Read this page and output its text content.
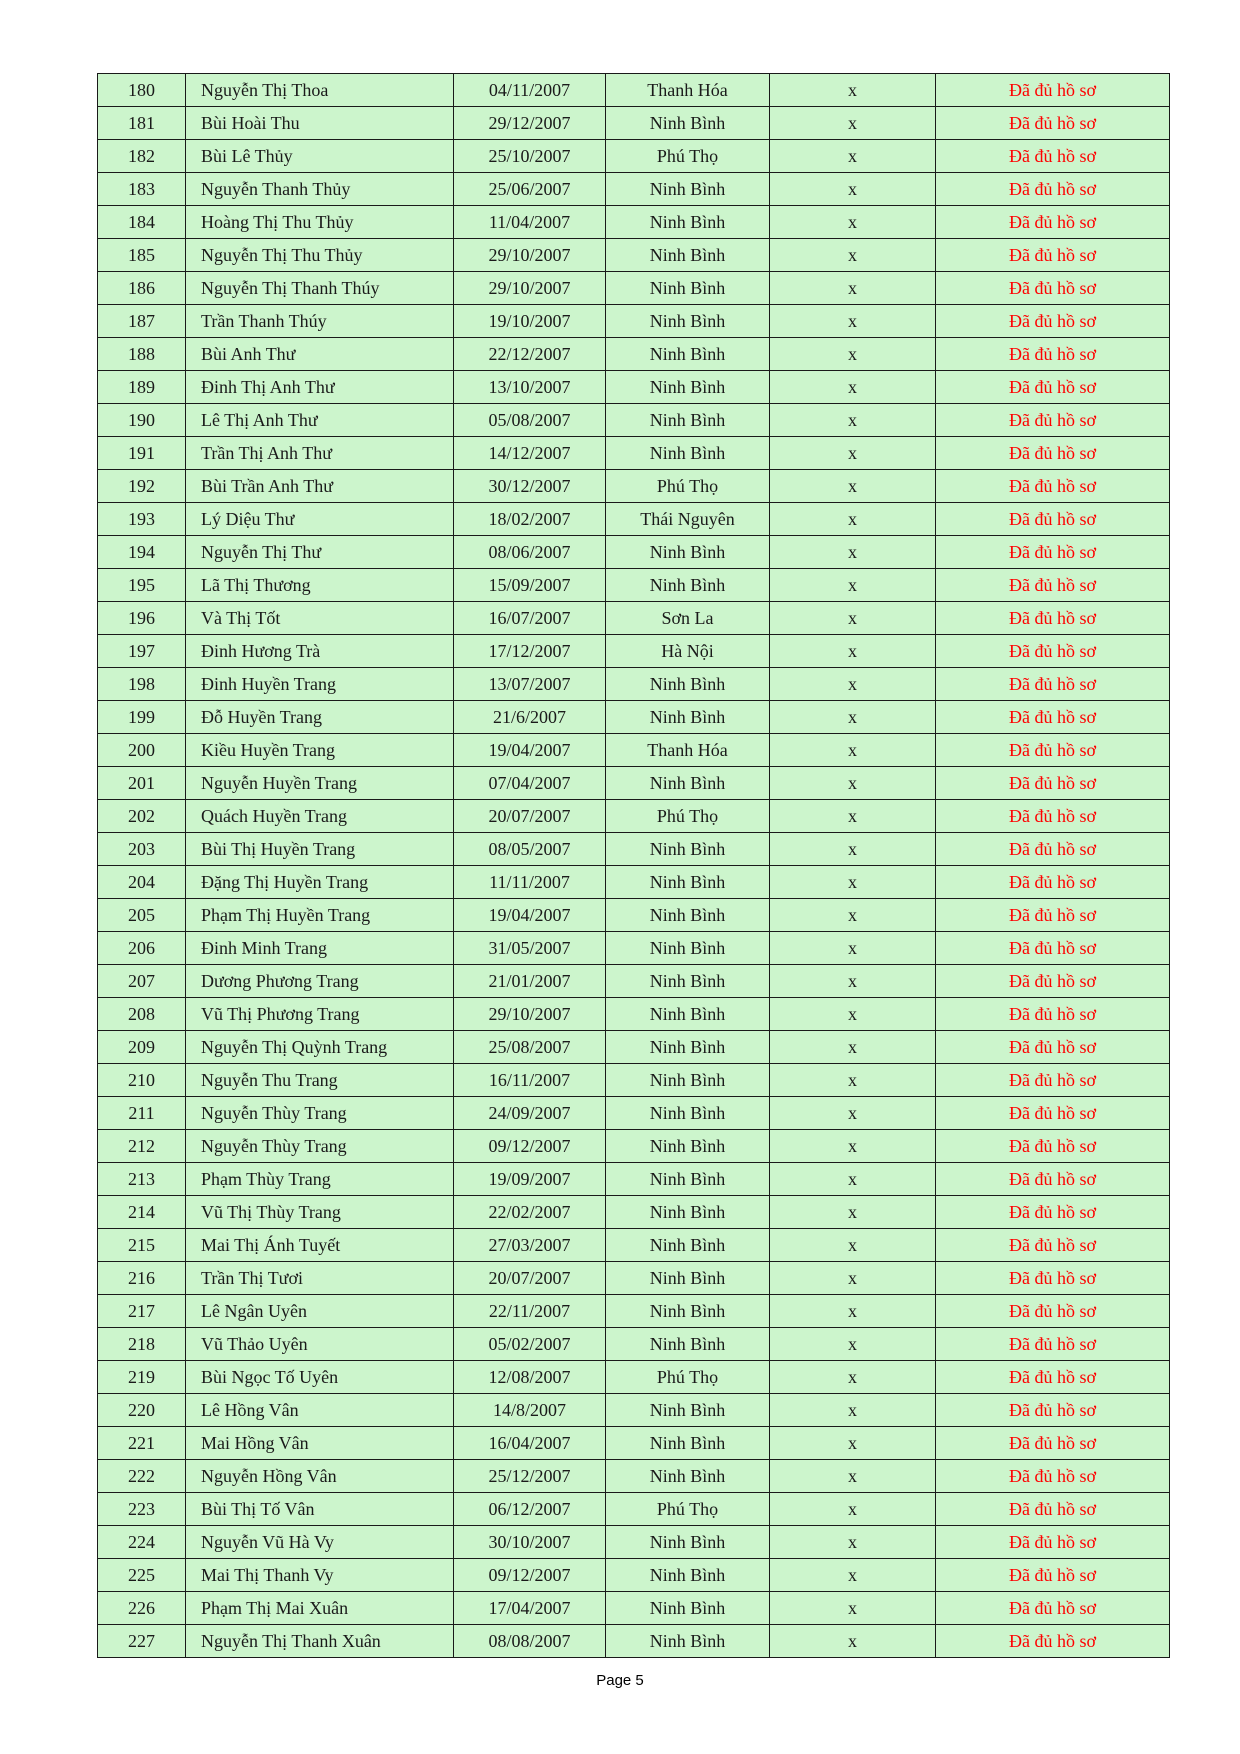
180	Nguyễn Thị Thoa	04/11/2007	Thanh Hóa	x	Đã đủ hồ sơ
181	Bùi Hoài Thu	29/12/2007	Ninh Bình	x	Đã đủ hồ sơ
182	Bùi Lê Thủy	25/10/2007	Phú Thọ	x	Đã đủ hồ sơ
183	Nguyễn Thanh Thủy	25/06/2007	Ninh Bình	x	Đã đủ hồ sơ
184	Hoàng Thị Thu Thủy	11/04/2007	Ninh Bình	x	Đã đủ hồ sơ
185	Nguyễn Thị Thu Thủy	29/10/2007	Ninh Bình	x	Đã đủ hồ sơ
186	Nguyễn Thị Thanh Thúy	29/10/2007	Ninh Bình	x	Đã đủ hồ sơ
187	Trần Thanh Thúy	19/10/2007	Ninh Bình	x	Đã đủ hồ sơ
188	Bùi Anh Thư	22/12/2007	Ninh Bình	x	Đã đủ hồ sơ
189	Đinh Thị Anh Thư	13/10/2007	Ninh Bình	x	Đã đủ hồ sơ
190	Lê Thị Anh Thư	05/08/2007	Ninh Bình	x	Đã đủ hồ sơ
191	Trần Thị Anh Thư	14/12/2007	Ninh Bình	x	Đã đủ hồ sơ
192	Bùi Trần Anh Thư	30/12/2007	Phú Thọ	x	Đã đủ hồ sơ
193	Lý Diệu Thư	18/02/2007	Thái Nguyên	x	Đã đủ hồ sơ
194	Nguyễn Thị Thư	08/06/2007	Ninh Bình	x	Đã đủ hồ sơ
195	Lã Thị Thương	15/09/2007	Ninh Bình	x	Đã đủ hồ sơ
196	Và Thị Tốt	16/07/2007	Sơn La	x	Đã đủ hồ sơ
197	Đinh Hương Trà	17/12/2007	Hà Nội	x	Đã đủ hồ sơ
198	Đinh Huyền Trang	13/07/2007	Ninh Bình	x	Đã đủ hồ sơ
199	Đỗ Huyền Trang	21/6/2007	Ninh Bình	x	Đã đủ hồ sơ
200	Kiều Huyền Trang	19/04/2007	Thanh Hóa	x	Đã đủ hồ sơ
201	Nguyễn Huyền Trang	07/04/2007	Ninh Bình	x	Đã đủ hồ sơ
202	Quách Huyền Trang	20/07/2007	Phú Thọ	x	Đã đủ hồ sơ
203	Bùi Thị Huyền Trang	08/05/2007	Ninh Bình	x	Đã đủ hồ sơ
204	Đặng Thị Huyền Trang	11/11/2007	Ninh Bình	x	Đã đủ hồ sơ
205	Phạm Thị Huyền Trang	19/04/2007	Ninh Bình	x	Đã đủ hồ sơ
206	Đinh Minh Trang	31/05/2007	Ninh Bình	x	Đã đủ hồ sơ
207	Dương Phương Trang	21/01/2007	Ninh Bình	x	Đã đủ hồ sơ
208	Vũ Thị Phương Trang	29/10/2007	Ninh Bình	x	Đã đủ hồ sơ
209	Nguyễn Thị Quỳnh Trang	25/08/2007	Ninh Bình	x	Đã đủ hồ sơ
210	Nguyễn Thu Trang	16/11/2007	Ninh Bình	x	Đã đủ hồ sơ
211	Nguyễn Thùy Trang	24/09/2007	Ninh Bình	x	Đã đủ hồ sơ
212	Nguyễn Thùy Trang	09/12/2007	Ninh Bình	x	Đã đủ hồ sơ
213	Phạm Thùy Trang	19/09/2007	Ninh Bình	x	Đã đủ hồ sơ
214	Vũ Thị Thùy Trang	22/02/2007	Ninh Bình	x	Đã đủ hồ sơ
215	Mai Thị Ánh Tuyết	27/03/2007	Ninh Bình	x	Đã đủ hồ sơ
216	Trần Thị Tươi	20/07/2007	Ninh Bình	x	Đã đủ hồ sơ
217	Lê Ngân Uyên	22/11/2007	Ninh Bình	x	Đã đủ hồ sơ
218	Vũ Thảo Uyên	05/02/2007	Ninh Bình	x	Đã đủ hồ sơ
219	Bùi Ngọc Tố Uyên	12/08/2007	Phú Thọ	x	Đã đủ hồ sơ
220	Lê Hồng Vân	14/8/2007	Ninh Bình	x	Đã đủ hồ sơ
221	Mai Hồng Vân	16/04/2007	Ninh Bình	x	Đã đủ hồ sơ
222	Nguyễn Hồng Vân	25/12/2007	Ninh Bình	x	Đã đủ hồ sơ
223	Bùi Thị Tố Vân	06/12/2007	Phú Thọ	x	Đã đủ hồ sơ
224	Nguyễn Vũ Hà Vy	30/10/2007	Ninh Bình	x	Đã đủ hồ sơ
225	Mai Thị Thanh Vy	09/12/2007	Ninh Bình	x	Đã đủ hồ sơ
226	Phạm Thị Mai Xuân	17/04/2007	Ninh Bình	x	Đã đủ hồ sơ
227	Nguyễn Thị Thanh Xuân	08/08/2007	Ninh Bình	x	Đã đủ hồ sơ
Page 5
